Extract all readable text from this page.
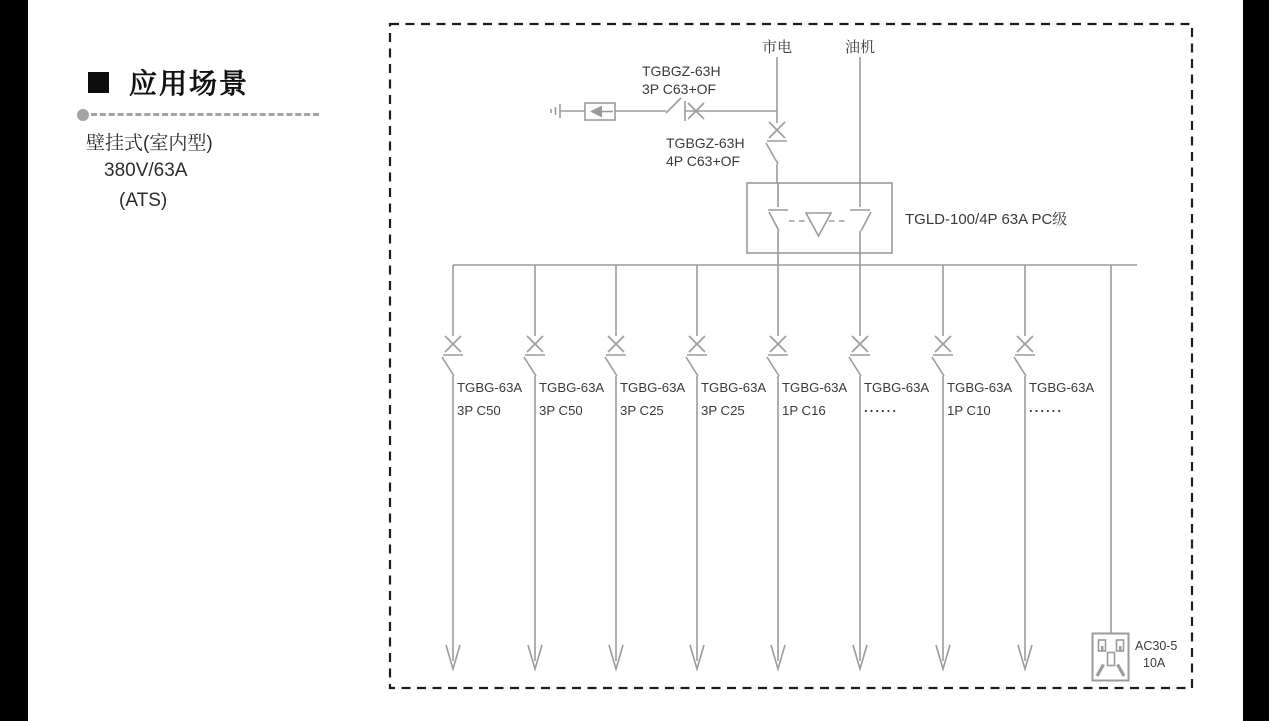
应用场景
壁挂式(室内型)
380V/63A
(ATS)
市电	油机
TGBGZ-63H
3P C63+OF
TGBGZ-63H
4P C63+OF
TGLD-100/4P 63A PC级
TGBG-63A
3P C50
TGBG-63A
3P C50
TGBG-63A
3P C25
TGBG-63A
3P C25
TGBG-63A
1P C16
TGBG-63A
......
TGBG-63A
1P C10
TGBG-63A
......
AC30-5
10A
